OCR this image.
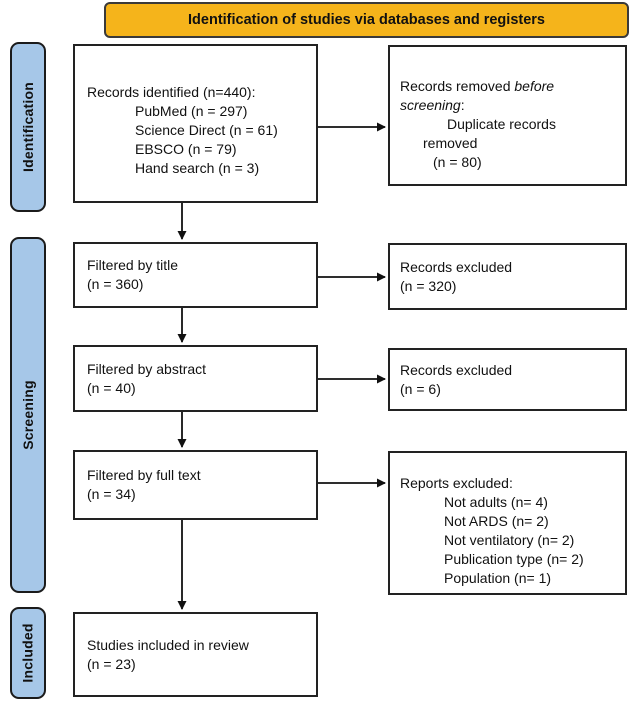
Identification of studies via databases and registers
Identification
Screening
Included
Records identified (n=440):
PubMed (n = 297)
Science Direct (n = 61)
EBSCO (n = 79)
Hand search (n = 3)
Records removed before
screening:
Duplicate records
removed
(n = 80)
Filtered by title
(n = 360)
Records excluded
(n = 320)
Filtered by abstract
(n = 40)
Records excluded
(n = 6)
Filtered by full text
(n = 34)
Reports excluded:
Not adults (n= 4)
Not ARDS (n= 2)
Not ventilatory (n= 2)
Publication type (n= 2)
Population (n= 1)
Studies included in review
(n = 23)
